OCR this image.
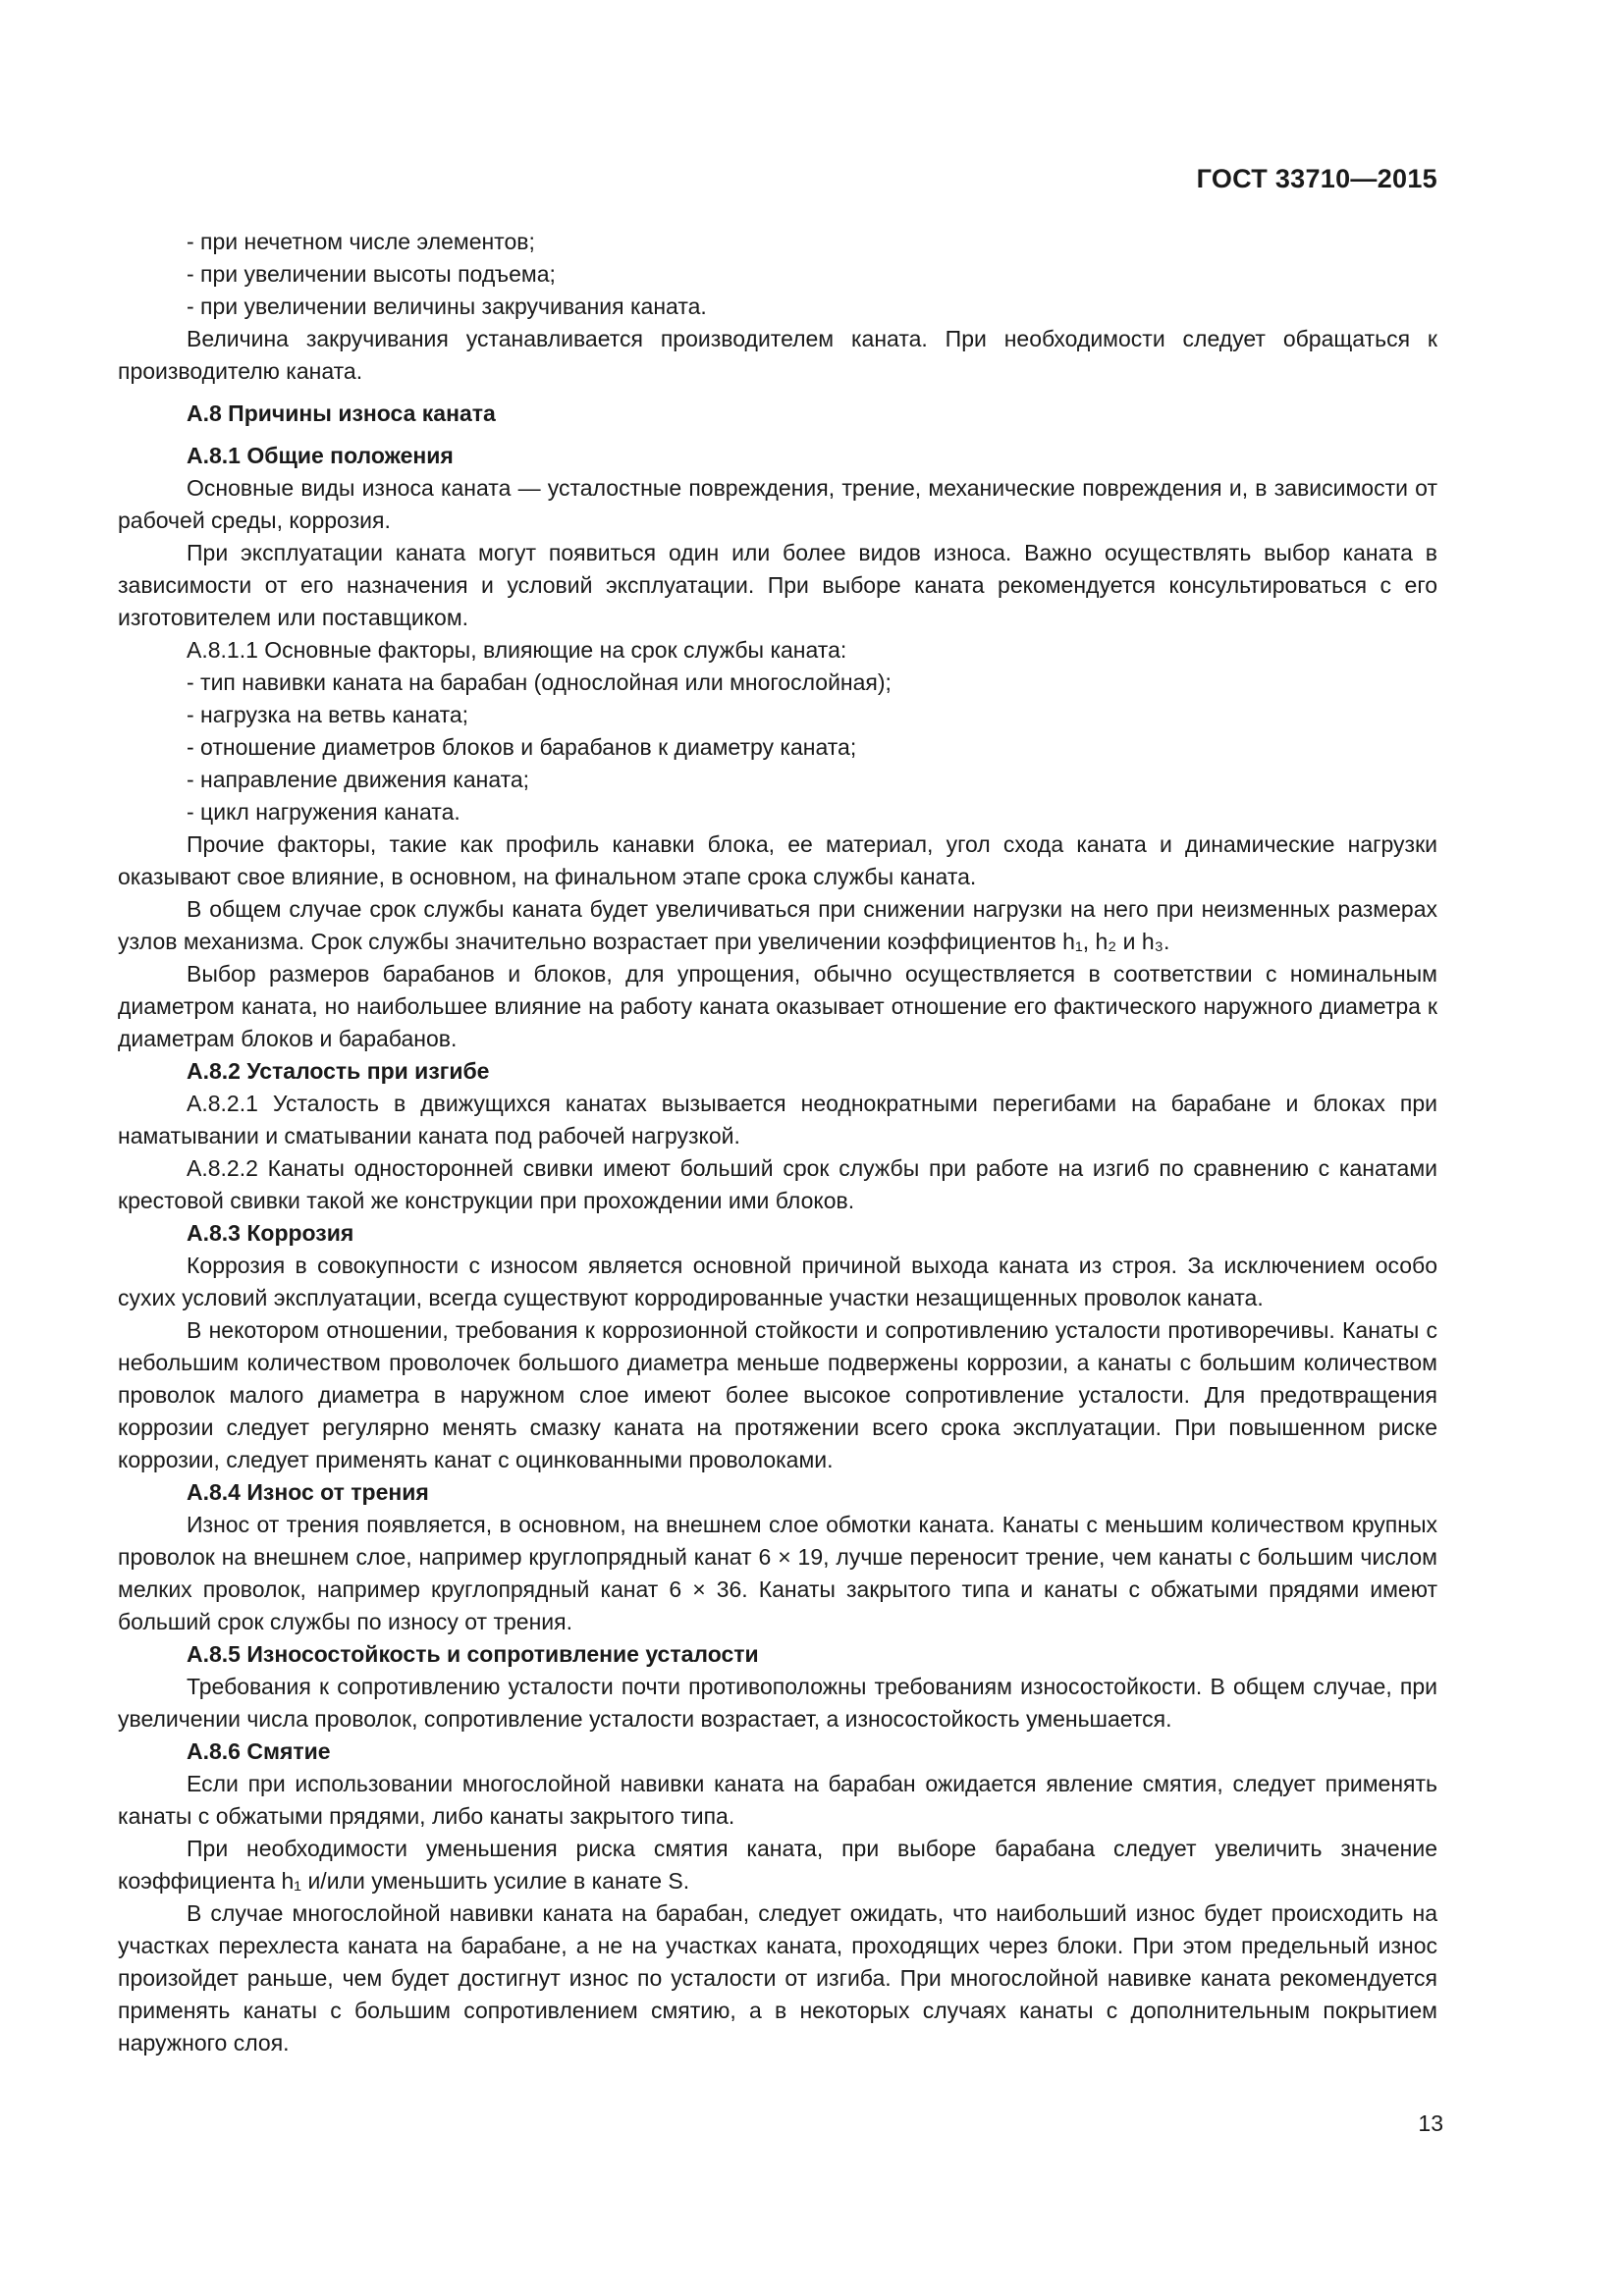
ГОСТ 33710—2015

- при нечетном числе элементов;

- при увеличении высоты подъема;

- при увеличении величины закручивания каната.

Величина закручивания устанавливается производителем каната. При необходимости следует обращаться к производителю каната.

А.8 Причины износа каната

А.8.1 Общие положения

Основные виды износа каната — усталостные повреждения, трение, механические повреждения и, в зависимости от рабочей среды, коррозия.

При эксплуатации каната могут появиться один или более видов износа. Важно осуществлять выбор каната в зависимости от его назначения и условий эксплуатации. При выборе каната рекомендуется консультироваться с его изготовителем или поставщиком.

А.8.1.1 Основные факторы, влияющие на срок службы каната:

- тип навивки каната на барабан (однослойная или многослойная);

- нагрузка на ветвь каната;

- отношение диаметров блоков и барабанов к диаметру каната;

- направление движения каната;

- цикл нагружения каната.

Прочие факторы, такие как профиль канавки блока, ее материал, угол схода каната и динамические нагрузки оказывают свое влияние, в основном, на финальном этапе срока службы каната.

В общем случае срок службы каната будет увеличиваться при снижении нагрузки на него при неизменных размерах узлов механизма. Срок службы значительно возрастает при увеличении коэффициентов h₁, h₂ и h₃.

Выбор размеров барабанов и блоков, для упрощения, обычно осуществляется в соответствии с номинальным диаметром каната, но наибольшее влияние на работу каната оказывает отношение его фактического наружного диаметра к диаметрам блоков и барабанов.

А.8.2 Усталость при изгибе

А.8.2.1 Усталость в движущихся канатах вызывается неоднократными перегибами на барабане и блоках при наматывании и сматывании каната под рабочей нагрузкой.

А.8.2.2 Канаты односторонней свивки имеют больший срок службы при работе на изгиб по сравнению с канатами крестовой свивки такой же конструкции при прохождении ими блоков.

А.8.3 Коррозия

Коррозия в совокупности с износом является основной причиной выхода каната из строя. За исключением особо сухих условий эксплуатации, всегда существуют корродированные участки незащищенных проволок каната.

В некотором отношении, требования к коррозионной стойкости и сопротивлению усталости противоречивы. Канаты с небольшим количеством проволочек большого диаметра меньше подвержены коррозии, а канаты с большим количеством проволок малого диаметра в наружном слое имеют более высокое сопротивление усталости. Для предотвращения коррозии следует регулярно менять смазку каната на протяжении всего срока эксплуатации. При повышенном риске коррозии, следует применять канат с оцинкованными проволоками.

А.8.4 Износ от трения

Износ от трения появляется, в основном, на внешнем слое обмотки каната. Канаты с меньшим количеством крупных проволок на внешнем слое, например круглопрядный канат 6 × 19, лучше переносит трение, чем канаты с большим числом мелких проволок, например круглопрядный канат 6 × 36. Канаты закрытого типа и канаты с обжатыми прядями имеют больший срок службы по износу от трения.

А.8.5 Износостойкость и сопротивление усталости

Требования к сопротивлению усталости почти противоположны требованиям износостойкости. В общем случае, при увеличении числа проволок, сопротивление усталости возрастает, а износостойкость уменьшается.

А.8.6 Смятие

Если при использовании многослойной навивки каната на барабан ожидается явление смятия, следует применять канаты с обжатыми прядями, либо канаты закрытого типа.

При необходимости уменьшения риска смятия каната, при выборе барабана следует увеличить значение коэффициента h₁ и/или уменьшить усилие в канате S.

В случае многослойной навивки каната на барабан, следует ожидать, что наибольший износ будет происходить на участках перехлеста каната на барабане, а не на участках каната, проходящих через блоки. При этом предельный износ произойдет раньше, чем будет достигнут износ по усталости от изгиба. При многослойной навивке каната рекомендуется применять канаты с большим сопротивлением смятию, а в некоторых случаях канаты с дополнительным покрытием наружного слоя.

13
